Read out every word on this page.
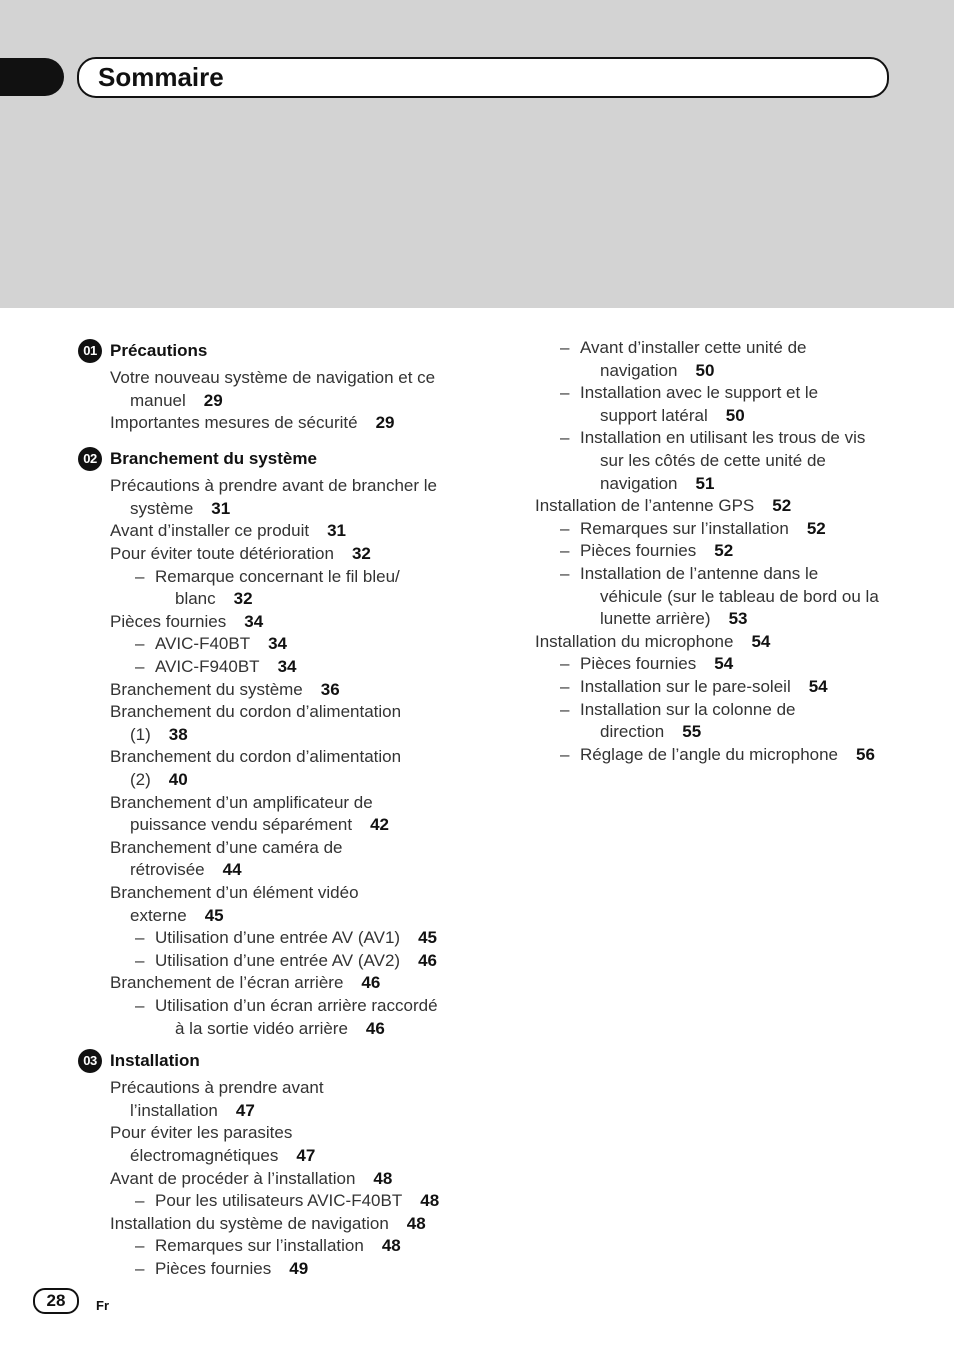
Sommaire
01 Précautions
Votre nouveau système de navigation et ce
manuel 29
Importantes mesures de sécurité 29
02 Branchement du système
Précautions à prendre avant de brancher le
système 31
Avant d’installer ce produit 31
Pour éviter toute détérioration 32
– Remarque concernant le fil bleu/
blanc 32
Pièces fournies 34
– AVIC-F40BT 34
– AVIC-F940BT 34
Branchement du système 36
Branchement du cordon d’alimentation
(1) 38
Branchement du cordon d’alimentation
(2) 40
Branchement d’un amplificateur de
puissance vendu séparément 42
Branchement d’une caméra de
rétrovisée 44
Branchement d’un élément vidéo
externe 45
– Utilisation d’une entrée AV (AV1) 45
– Utilisation d’une entrée AV (AV2) 46
Branchement de l’écran arrière 46
– Utilisation d’un écran arrière raccordé
à la sortie vidéo arrière 46
03 Installation
Précautions à prendre avant
l’installation 47
Pour éviter les parasites
électromagnétiques 47
Avant de procéder à l’installation 48
– Pour les utilisateurs AVIC-F40BT 48
Installation du système de navigation 48
– Remarques sur l’installation 48
– Pièces fournies 49
– Avant d’installer cette unité de
navigation 50
– Installation avec le support et le
support latéral 50
– Installation en utilisant les trous de vis
sur les côtés de cette unité de
navigation 51
Installation de l’antenne GPS 52
– Remarques sur l’installation 52
– Pièces fournies 52
– Installation de l’antenne dans le
véhicule (sur le tableau de bord ou la
lunette arrière) 53
Installation du microphone 54
– Pièces fournies 54
– Installation sur le pare-soleil 54
– Installation sur la colonne de
direction 55
– Réglage de l’angle du microphone 56
28	Fr
